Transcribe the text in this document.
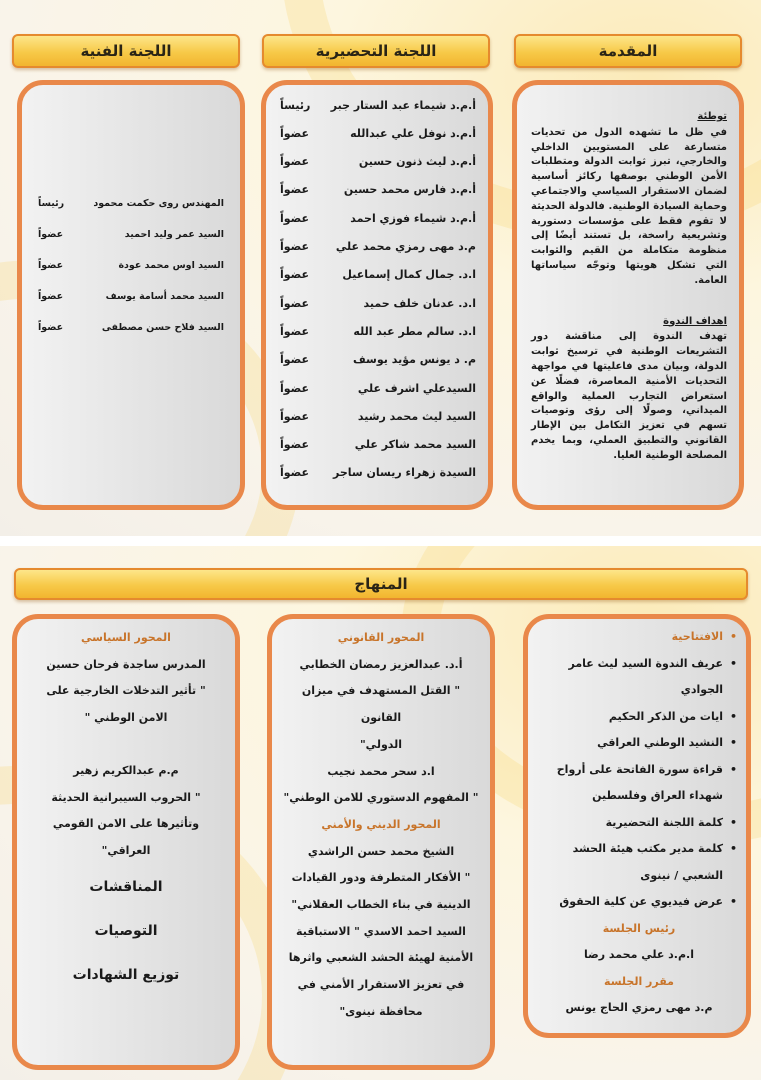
المقدمة
اللجنة التحضيرية
اللجنة الفنية
توطئة
في ظل ما تشهده الدول من تحديات متسارعة على المستويين الداخلي والخارجي، تبرز ثوابت الدولة ومتطلبات الأمن الوطني بوصفها ركائز أساسية لضمان الاستقرار السياسي والاجتماعي وحماية السيادة الوطنية. فالدولة الحديثة لا تقوم فقط على مؤسسات دستورية وتشريعية راسخة، بل تستند أيضًا إلى منظومة متكاملة من القيم والثوابت التي تشكل هويتها وتوجّه سياساتها العامة.
اهداف الندوة
تهدف الندوة إلى مناقشة دور التشريعات الوطنية في ترسيخ ثوابت الدولة، وبيان مدى فاعليتها في مواجهة التحديات الأمنية المعاصرة، فضلًا عن استعراض التجارب العملية والواقع الميداني، وصولًا إلى رؤى وتوصيات تسهم في تعزيز التكامل بين الإطار القانوني والتطبيق العملي، وبما يخدم المصلحة الوطنية العليا.
أ.م.د شيماء عبد الستار جبر
رئيساً
أ.م.د نوفل علي عبدالله
عضواً
أ.م.د ليث ذنون حسين
عضواً
أ.م.د فارس محمد حسين
عضواً
أ.م.د شيماء فوزي احمد
عضواً
م.د مهى رمزي محمد علي
عضواً
ا.د. جمال كمال إسماعيل
عضواً
ا.د. عدنان خلف حميد
عضواً
ا.د. سالم مطر عبد الله
عضواً
م. د يونس مؤيد يوسف
عضواً
السيدعلي اشرف علي
عضواً
السيد ليث محمد رشيد
عضواً
السيد محمد شاكر علي
عضواً
السيدة زهراء ريسان ساجر
عضواً
المهندس روى حكمت محمود
رئيساً
السيد عمر وليد احميد
عضواً
السيد اوس محمد عودة
عضواً
السيد محمد أسامة يوسف
عضواً
السيد فلاح حسن مصطفى
عضواً
المنهاج
• الافتتاحية
• عريف الندوة السيد ليث عامر الجوادي
• ايات من الذكر الحكيم
• النشيد الوطني العراقي
• قراءة سورة الفاتحة على أرواح شهداء العراق وفلسطين
• كلمة اللجنة التحضيرية
• كلمة مدير مكتب هيئة الحشد الشعبي / نينوى
• عرض فيديوي عن كلية الحقوق
رئيس الجلسة
ا.م.د علي محمد رضا
مقرر الجلسة
م.د مهى رمزي الحاج يونس
المحور القانوني
أ.د. عبدالعزيز رمضان الخطابي
" القتل المستهدف في ميزان القانون
الدولي"
ا.د سحر محمد نجيب
" المفهوم الدستوري للامن الوطني"
المحور الديني والأمني
الشيخ محمد حسن الراشدي
" الأفكار المتطرفة ودور القيادات
الدينية في بناء الخطاب العقلاني"
السيد احمد الاسدي " الاستباقية
الأمنية لهيئة الحشد الشعبي واثرها
في تعزيز الاستقرار الأمني في
محافظة نينوى"
المحور السياسي
المدرس ساجدة فرحان حسين
" تأثير التدخلات الخارجية على
الامن الوطني "
م.م عبدالكريم زهير
" الحروب السيبرانية الحديثة
وتأثيرها على الامن القومي
العراقي"
المناقشات
التوصيات
توزيع الشهادات
